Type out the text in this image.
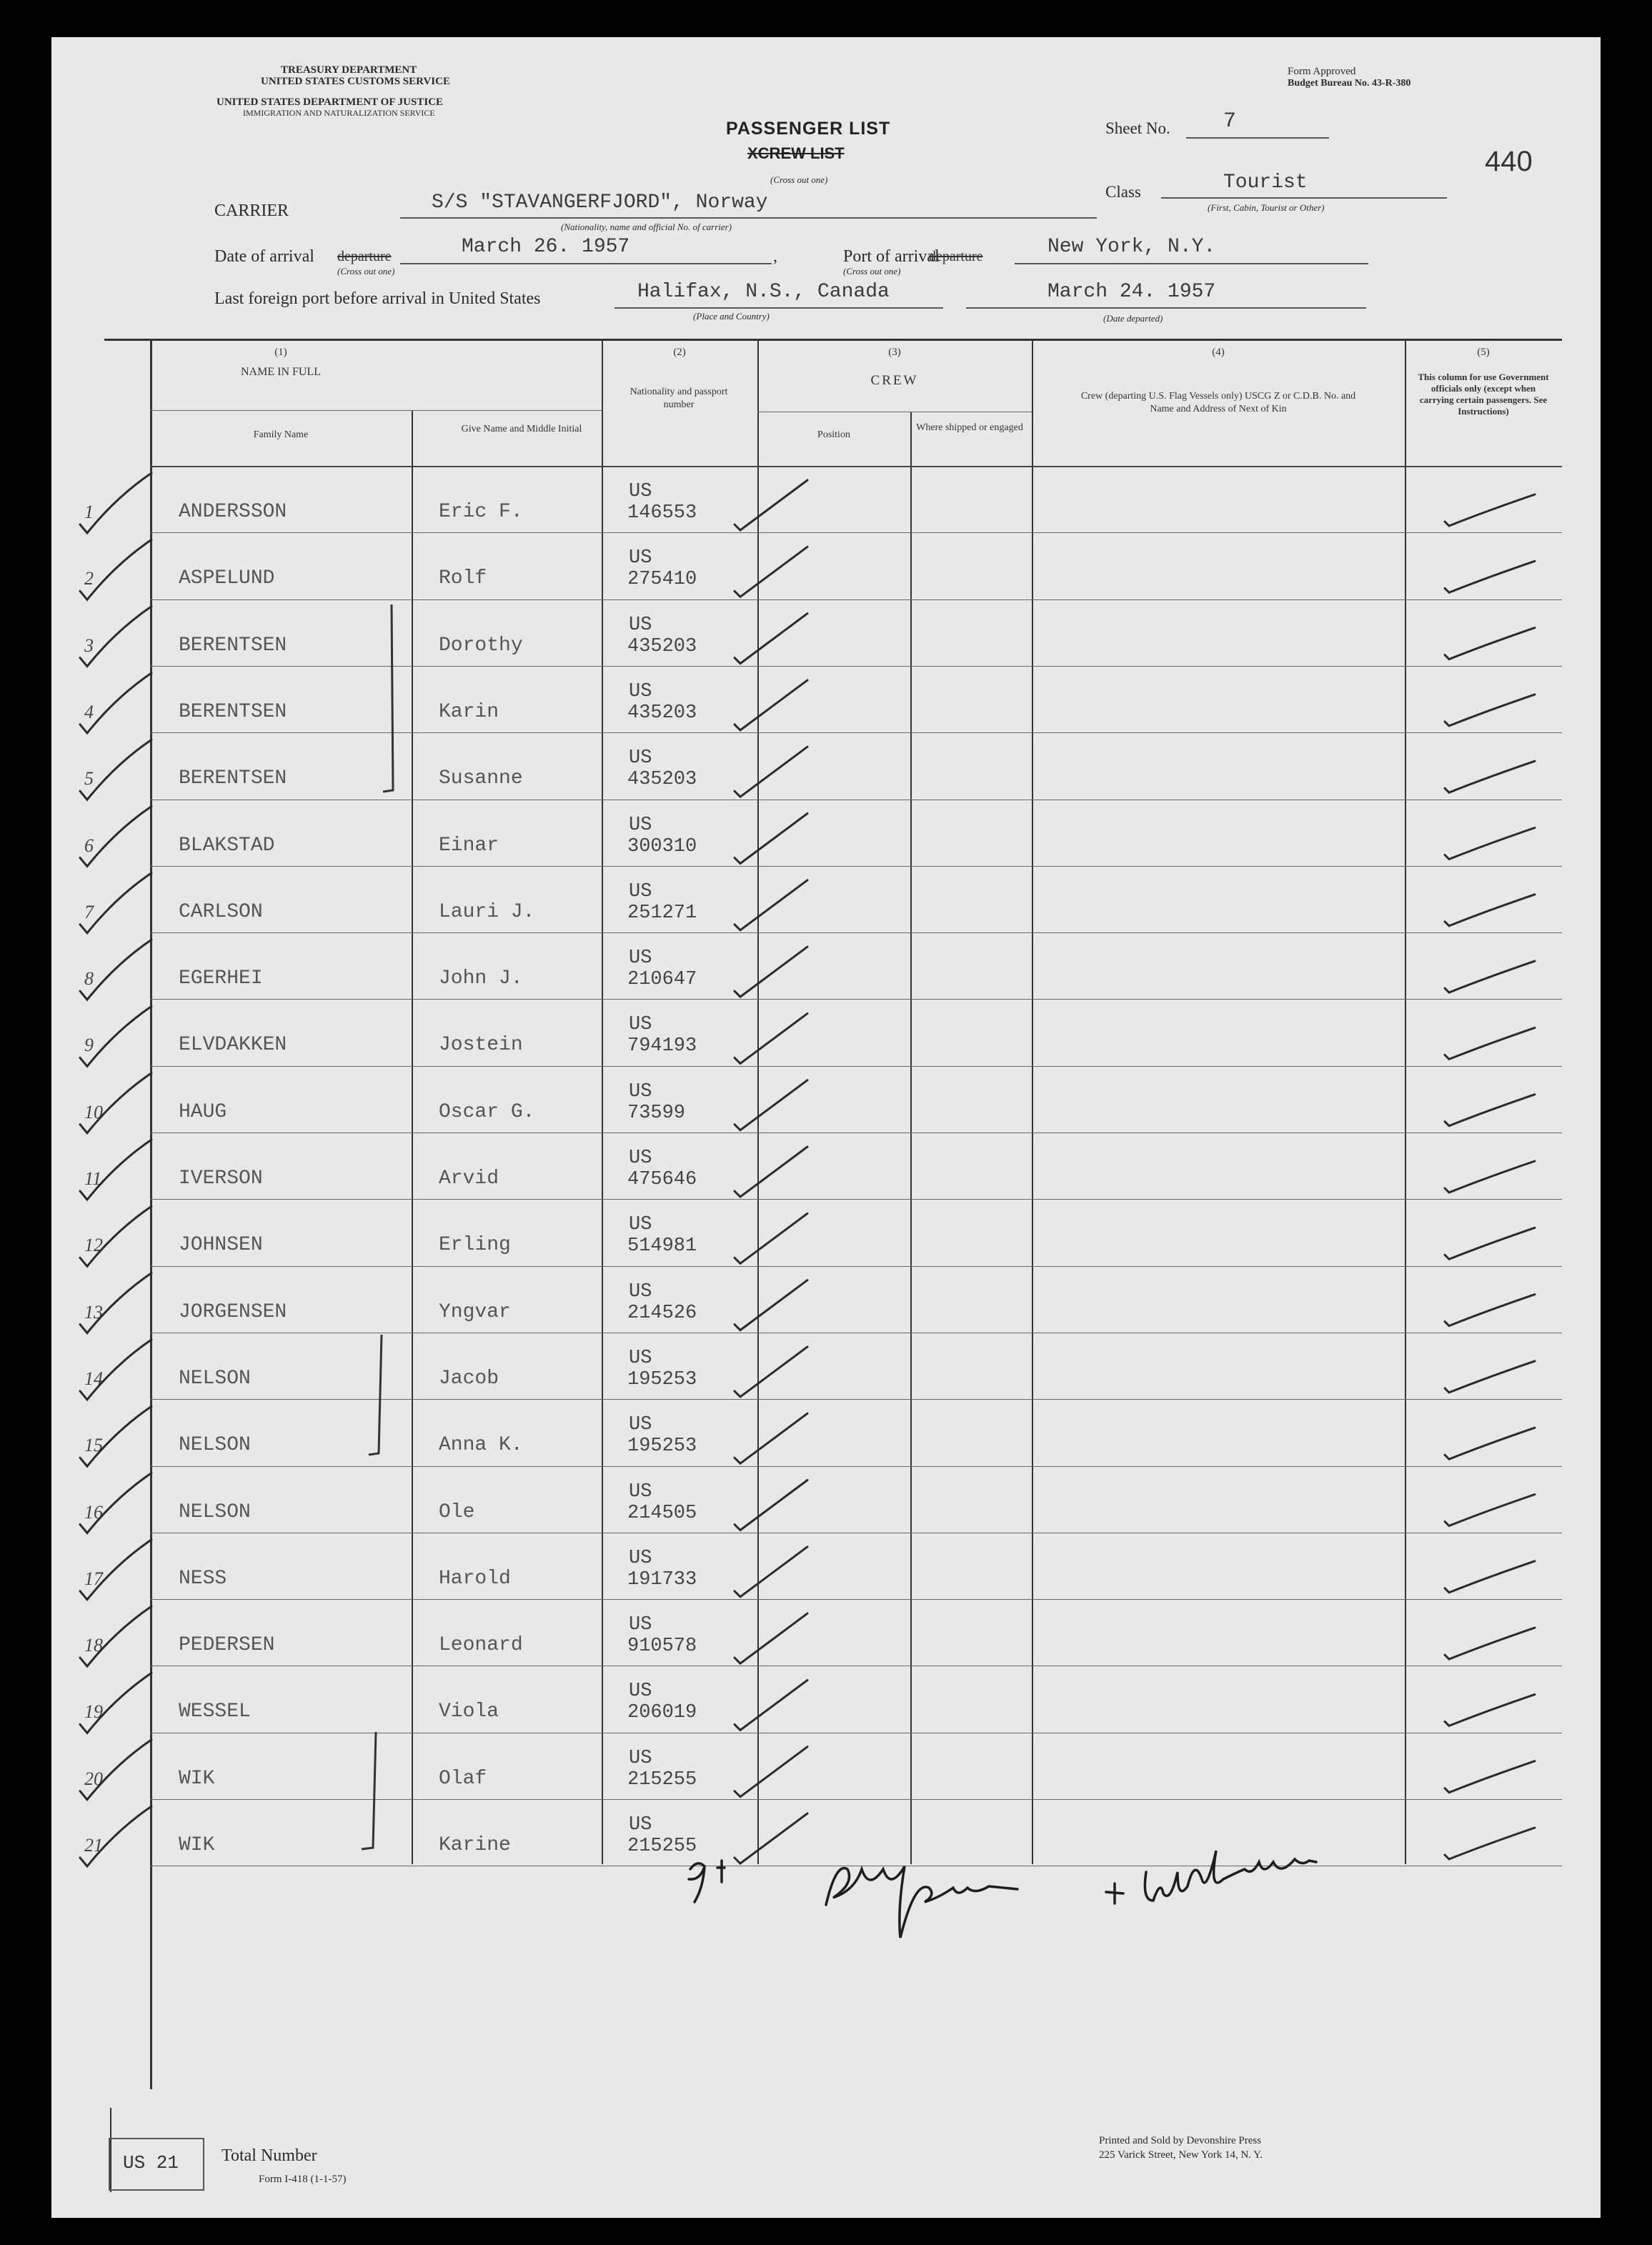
TREASURY DEPARTMENT
UNITED STATES CUSTOMS SERVICE
UNITED STATES DEPARTMENT OF JUSTICE
IMMIGRATION AND NATURALIZATION SERVICE
Form Approved
Budget Bureau No. 43-R-380
PASSENGER LIST
XCREW LIST
(Cross out one)
Sheet No. 7
440
Class	Tourist
(First, Cabin, Tourist or Other)
CARRIER	S/S "STAVANGERFJORD", Norway
(Nationality, name and official No. of carrier)
Date of arrival departure
(Cross out one)
March 26. 1957	,	Port of arrival
departure
(Cross out one)
New York, N.Y.
Last foreign port before arrival in United States	Halifax, N.S., Canada
(Place and Country)
March 24. 1957
(Date departed)
(1)
NAME IN FULL
Family Name
Give Name and Middle Initial
(2)
Nationality and passport number
(3)
CREW
Position
Where shipped or engaged
(4)
Crew (departing U.S. Flag Vessels only) USCG Z or C.D.B. No. and Name and Address of Next of Kin
(5)
This column for use Government officials only (except when carrying certain passengers. See Instructions)
1	ANDERSSON	Eric F.
US
146553
2	ASPELUND	Rolf
US
275410
3	BERENTSEN	Dorothy
US
435203
4	BERENTSEN	Karin
US
435203
5	BERENTSEN	Susanne
US
435203
6	BLAKSTAD	Einar
US
300310
7	CARLSON	Lauri J.
US
251271
8	EGERHEI	John J.
US
210647
9	ELVDAKKEN	Jostein
US
794193
10	HAUG	Oscar G.
US
73599
11	IVERSON	Arvid
US
475646
12	JOHNSEN	Erling
US
514981
13	JORGENSEN	Yngvar
US
214526
14	NELSON	Jacob
US
195253
15	NELSON	Anna K.
US
195253
16	NELSON	Ole
US
214505
17	NESS	Harold
US
191733
18	PEDERSEN	Leonard
US
910578
19	WESSEL	Viola
US
206019
20	WIK	Olaf
US
215255
21	WIK	Karine
US
215255
US 21 Total Number
Form I-418 (1-1-57)
Printed and Sold by Devonshire Press
225 Varick Street, New York 14, N. Y.
